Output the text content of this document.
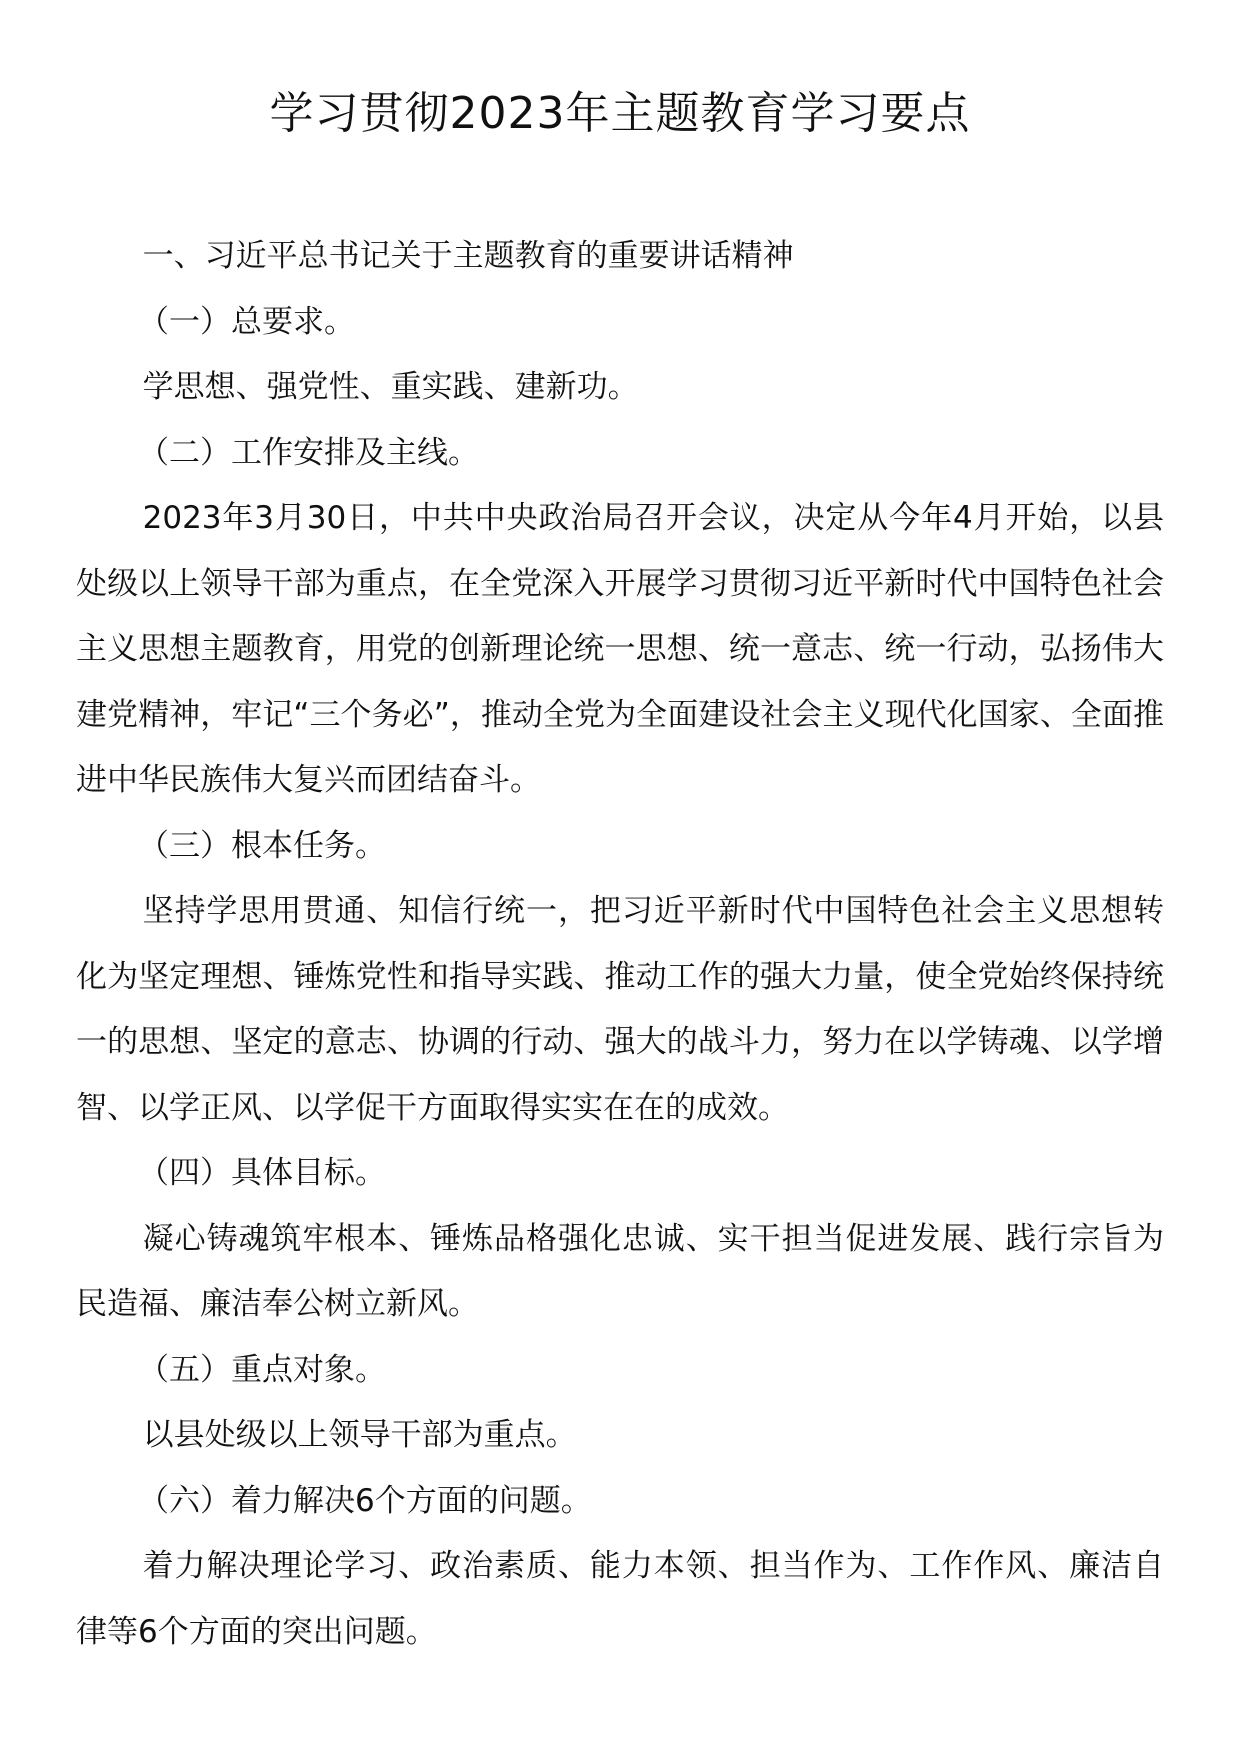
学习贯彻2023年主题教育学习要点

一、习近平总书记关于主题教育的重要讲话精神

（一）总要求。

学思想、强党性、重实践、建新功。

（二）工作安排及主线。

2023年3月30日，中共中央政治局召开会议，决定从今年4月开始，以县处级以上领导干部为重点，在全党深入开展学习贯彻习近平新时代中国特色社会主义思想主题教育，用党的创新理论统一思想、统一意志、统一行动，弘扬伟大建党精神，牢记“三个务必”，推动全党为全面建设社会主义现代化国家、全面推进中华民族伟大复兴而团结奋斗。

（三）根本任务。

坚持学思用贯通、知信行统一，把习近平新时代中国特色社会主义思想转化为坚定理想、锤炼党性和指导实践、推动工作的强大力量，使全党始终保持统一的思想、坚定的意志、协调的行动、强大的战斗力，努力在以学铸魂、以学增智、以学正风、以学促干方面取得实实在在的成效。

（四）具体目标。

凝心铸魂筑牢根本、锤炼品格强化忠诚、实干担当促进发展、践行宗旨为民造福、廉洁奉公树立新风。

（五）重点对象。

以县处级以上领导干部为重点。

（六）着力解决6个方面的问题。

着力解决理论学习、政治素质、能力本领、担当作为、工作作风、廉洁自律等6个方面的突出问题。
